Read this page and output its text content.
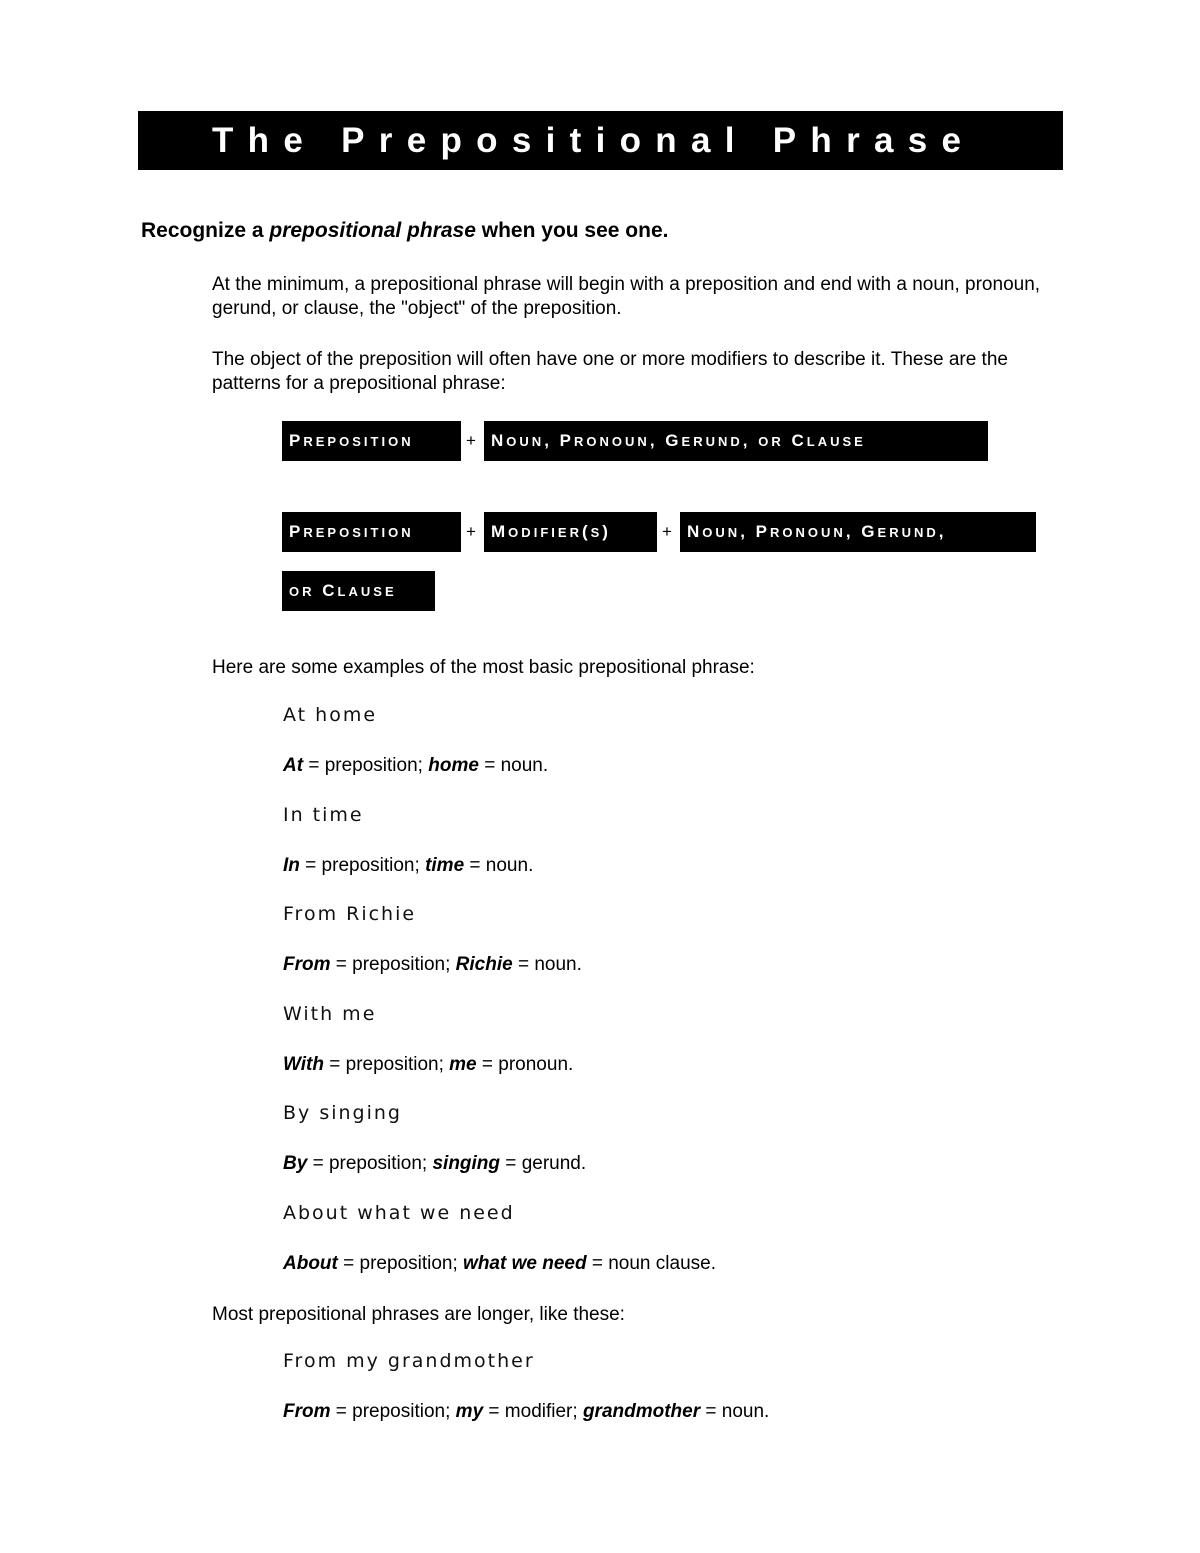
The Prepositional Phrase
Recognize a prepositional phrase when you see one.

At the minimum, a prepositional phrase will begin with a preposition and end with a noun, pronoun, gerund, or clause, the "object" of the preposition.

The object of the preposition will often have one or more modifiers to describe it. These are the patterns for a prepositional phrase:

PREPOSITION	+ NOUN, PRONOUN, GERUND, OR CLAUSE
PREPOSITION	+ MODIFIER(S)	+ NOUN, PRONOUN, GERUND,
OR CLAUSE

Here are some examples of the most basic prepositional phrase:

At home
At = preposition; home = noun.
In time
In = preposition; time = noun.
From Richie
From = preposition; Richie = noun.
With me
With = preposition; me = pronoun.
By singing
By = preposition; singing = gerund.
About what we need
About = preposition; what we need = noun clause.

Most prepositional phrases are longer, like these:

From my grandmother
From = preposition; my = modifier; grandmother = noun.
